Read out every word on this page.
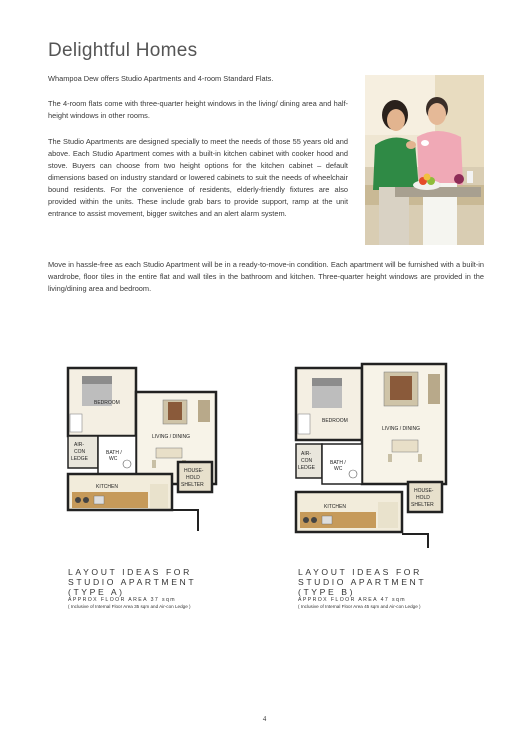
Delightful Homes
Whampoa Dew offers Studio Apartments and 4-room Standard Flats.
The 4-room flats come with three-quarter height windows in the living/ dining area and half-height windows in other rooms.
The Studio Apartments are designed specially to meet the needs of those 55 years old and above. Each Studio Apartment comes with a built-in kitchen cabinet with cooker hood and stove. Buyers can choose from two height options for the kitchen cabinet – default dimensions based on industry standard or lowered cabinets to suit the needs of wheelchair bound residents. For the convenience of residents, elderly-friendly fixtures are also provided within the units. These include grab bars to provide support, ramp at the unit entrance to assist movement, bigger switches and an alert alarm system.
Move in hassle-free as each Studio Apartment will be in a ready-to-move-in condition. Each apartment will be furnished with a built-in wardrobe, floor tiles in the entire flat and wall tiles in the bathroom and kitchen. Three-quarter height windows are provided in the living/dining area and bedroom.
BEDROOM
LIVING / DINING
AIR-
CON
LEDGE
BATH /
WC
HOUSE-
HOLD
SHELTER
KITCHEN
LAYOUT IDEAS FOR
STUDIO APARTMENT
(TYPE A)
APPROX FLOOR AREA 37 sqm
( Inclusive of Internal Floor Area 35 sqm and Air-con Ledge )
BEDROOM
LIVING / DINING
AIR-
CON
LEDGE
BATH /
WC
HOUSE-
HOLD
SHELTER
KITCHEN
LAYOUT IDEAS FOR
STUDIO APARTMENT
(TYPE B)
APPROX FLOOR AREA 47 sqm
( Inclusive of Internal Floor Area 45 sqm and Air-con Ledge )
4
